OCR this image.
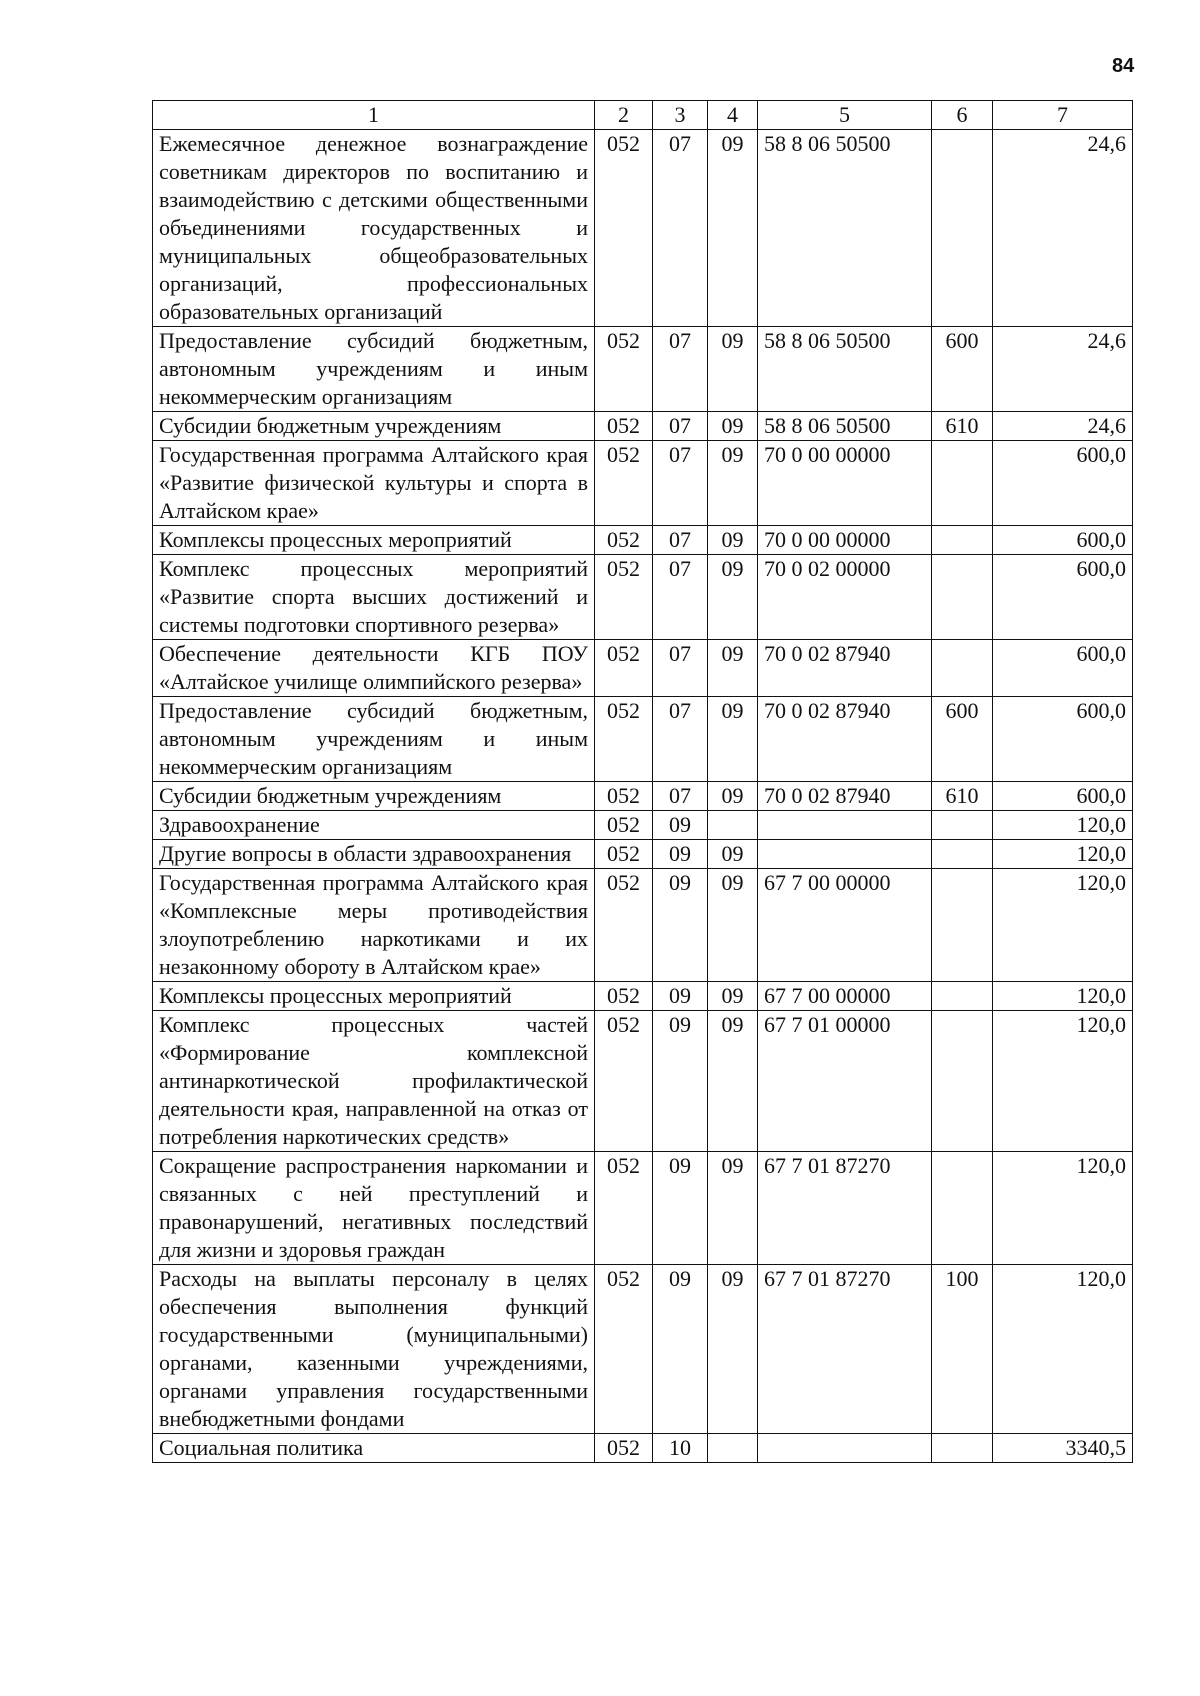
84
1	2	3	4	5	6	7
Ежемесячное денежное вознаграждение советникам директоров по воспитанию и взаимодействию с детскими общественными объединениями государственных и муниципальных общеобразовательных организаций, профессиональных образовательных организаций	052	07	09	58 8 06 50500		24,6
Предоставление субсидий бюджетным, автономным учреждениям и иным некоммерческим организациям	052	07	09	58 8 06 50500	600	24,6
Субсидии бюджетным учреждениям	052	07	09	58 8 06 50500	610	24,6
Государственная программа Алтайского края «Развитие физической культуры и спорта в Алтайском крае»	052	07	09	70 0 00 00000		600,0
Комплексы процессных мероприятий	052	07	09	70 0 00 00000		600,0
Комплекс процессных мероприятий «Развитие спорта высших достижений и системы подготовки спортивного резерва»	052	07	09	70 0 02 00000		600,0
Обеспечение деятельности КГБ ПОУ «Алтайское училище олимпийского резерва»	052	07	09	70 0 02 87940		600,0
Предоставление субсидий бюджетным, автономным учреждениям и иным некоммерческим организациям	052	07	09	70 0 02 87940	600	600,0
Субсидии бюджетным учреждениям	052	07	09	70 0 02 87940	610	600,0
Здравоохранение	052	09				120,0
Другие вопросы в области здравоохранения	052	09	09			120,0
Государственная программа Алтайского края «Комплексные меры противодействия злоупотреблению наркотиками и их незаконному обороту в Алтайском крае»	052	09	09	67 7 00 00000		120,0
Комплексы процессных мероприятий	052	09	09	67 7 00 00000		120,0
Комплекс процессных частей «Формирование комплексной антинаркотической профилактической деятельности края, направленной на отказ от потребления наркотических средств»	052	09	09	67 7 01 00000		120,0
Сокращение распространения наркомании и связанных с ней преступлений и правонарушений, негативных последствий для жизни и здоровья граждан	052	09	09	67 7 01 87270		120,0
Расходы на выплаты персоналу в целях обеспечения выполнения функций государственными (муниципальными) органами, казенными учреждениями, органами управления государственными внебюджетными фондами	052	09	09	67 7 01 87270	100	120,0
Социальная политика	052	10				3340,5
